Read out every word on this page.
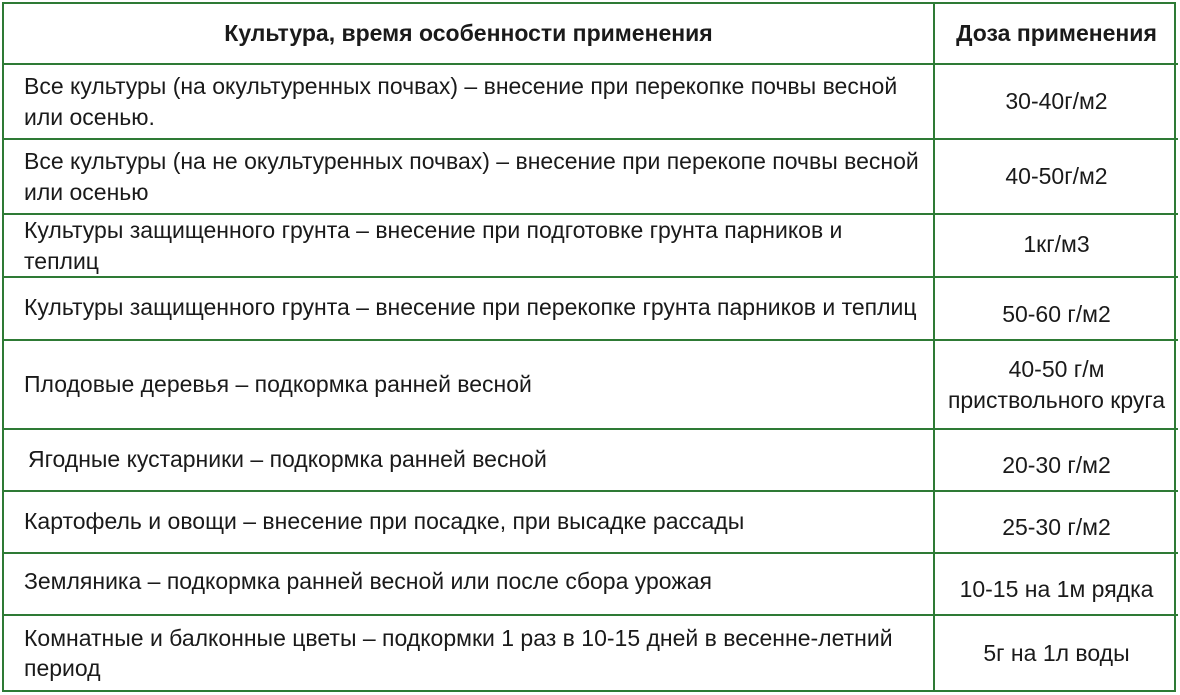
Культура, время особенности применения	Доза применения
Все культуры (на окультуренных почвах) – внесение при перекопке почвы весной или осенью.	30-40г/м2
Все культуры (на не окультуренных почвах) – внесение при перекопе почвы весной или осенью	40-50г/м2
Культуры защищенного грунта – внесение при подготовке грунта парников и теплиц	1кг/м3
Культуры защищенного грунта – внесение при перекопке грунта парников и теплиц	50-60 г/м2
Плодовые деревья – подкормка ранней весной	40-50 г/м приствольного круга
Ягодные кустарники – подкормка ранней весной	20-30 г/м2
Картофель и овощи – внесение при посадке, при высадке рассады	25-30 г/м2
Земляника – подкормка ранней весной или после сбора урожая	10-15 на 1м рядка
Комнатные и балконные цветы – подкормки 1 раз в 10-15 дней в весенне-летний период	5г на 1л воды
